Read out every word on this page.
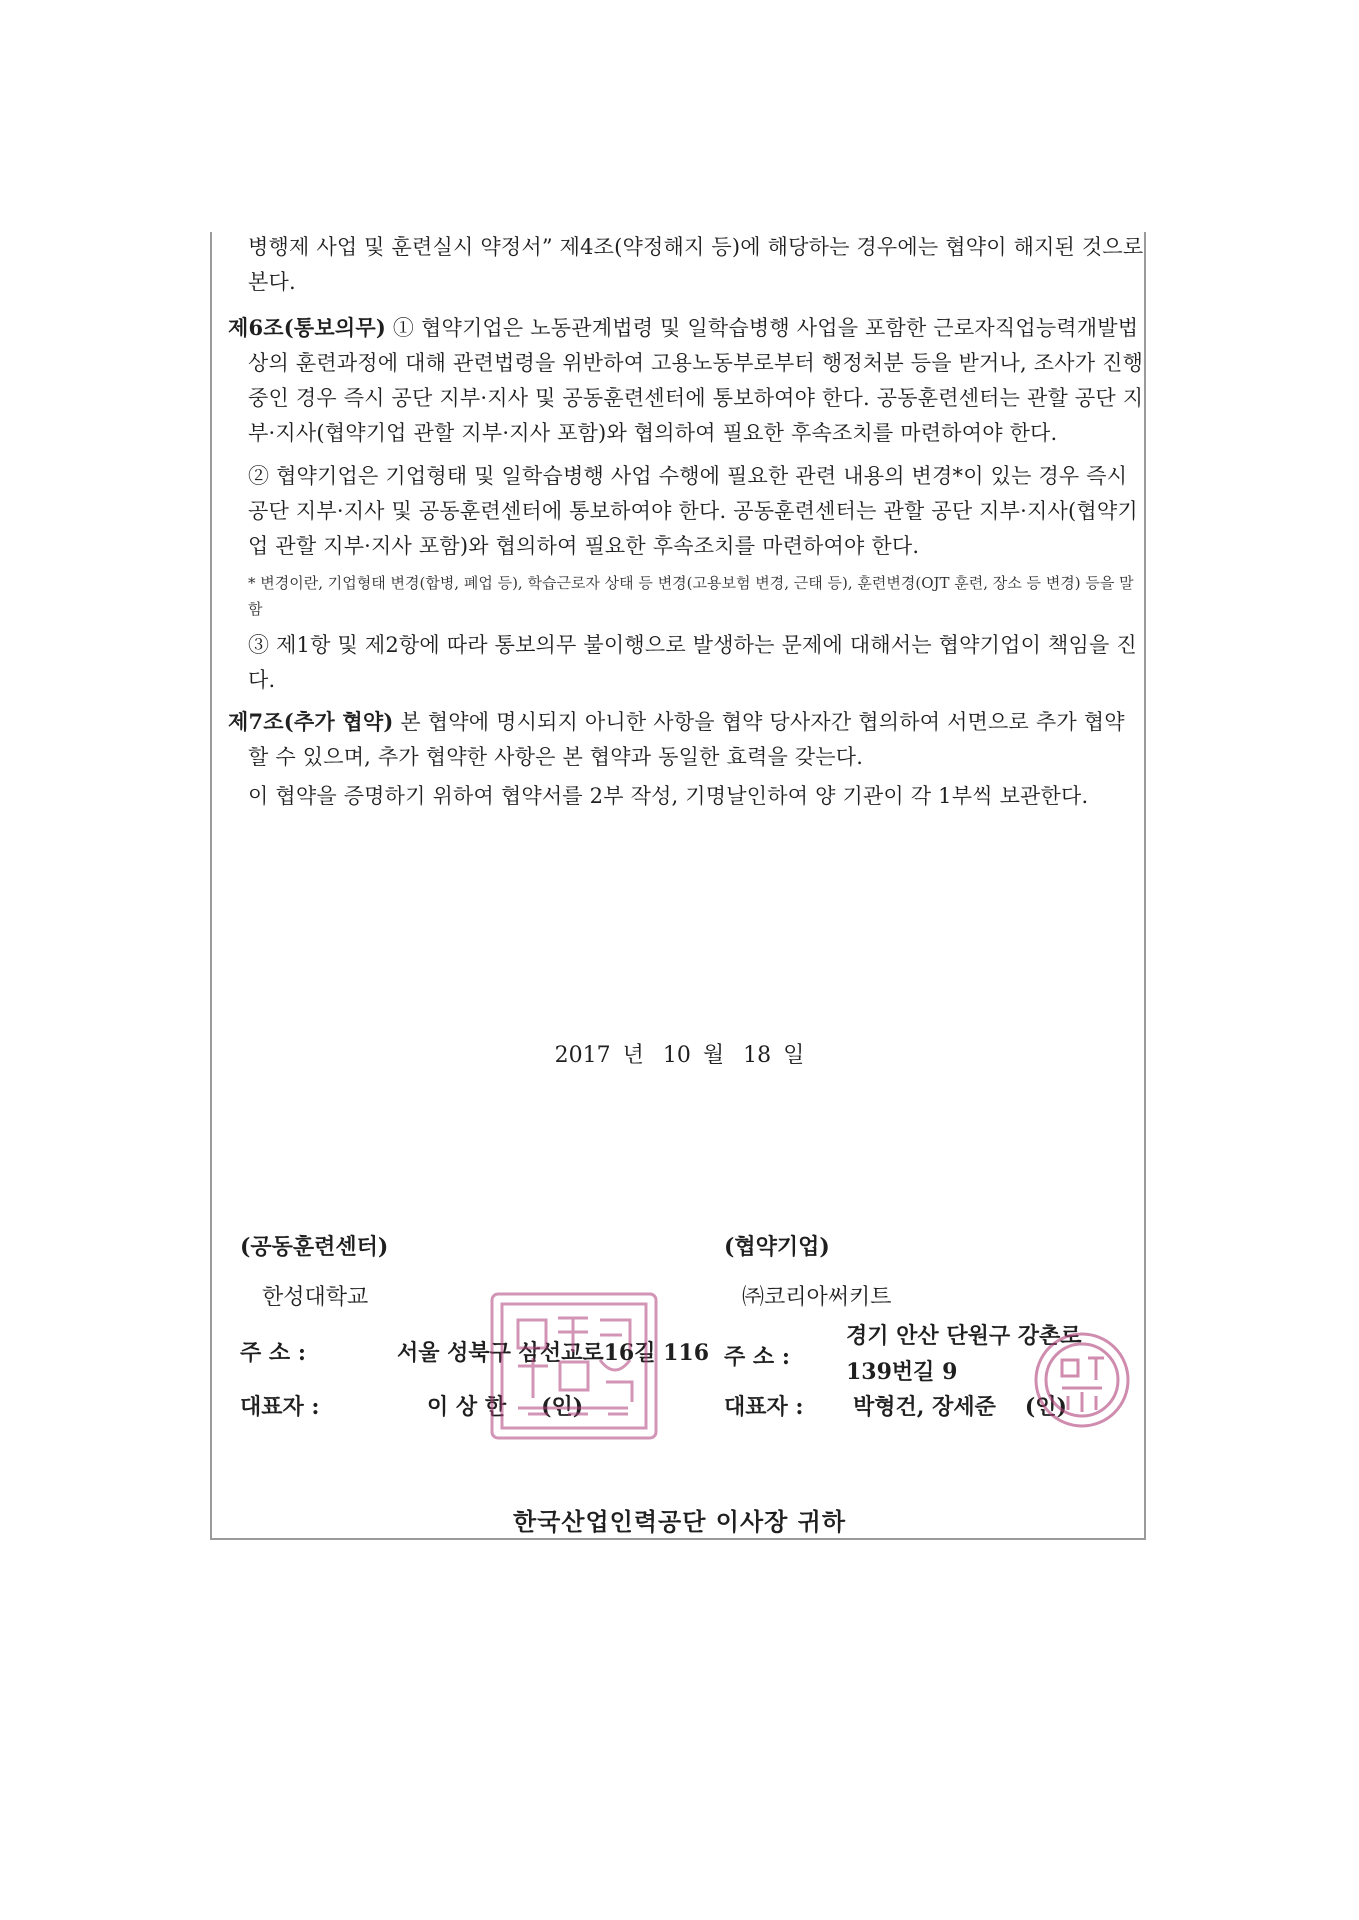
병행제 사업 및 훈련실시 약정서” 제4조(약정해지 등)에 해당하는 경우에는 협약이 해지된 것으로 본다.
제6조(통보의무) ① 협약기업은 노동관계법령 및 일학습병행 사업을 포함한 근로자직업능력개발법 상의 훈련과정에 대해 관련법령을 위반하여 고용노동부로부터 행정처분 등을 받거나, 조사가 진행 중인 경우 즉시 공단 지부·지사 및 공동훈련센터에 통보하여야 한다. 공동훈련센터는 관할 공단 지부·지사(협약기업 관할 지부·지사 포함)와 협의하여 필요한 후속조치를 마련하여야 한다.
② 협약기업은 기업형태 및 일학습병행 사업 수행에 필요한 관련 내용의 변경*이 있는 경우 즉시 공단 지부·지사 및 공동훈련센터에 통보하여야 한다. 공동훈련센터는 관할 공단 지부·지사(협약기업 관할 지부·지사 포함)와 협의하여 필요한 후속조치를 마련하여야 한다.
* 변경이란, 기업형태 변경(합병, 폐업 등), 학습근로자 상태 등 변경(고용보험 변경, 근태 등), 훈련변경(OJT 훈련, 장소 등 변경) 등을 말함
③ 제1항 및 제2항에 따라 통보의무 불이행으로 발생하는 문제에 대해서는 협약기업이 책임을 진다.
제7조(추가 협약) 본 협약에 명시되지 아니한 사항을 협약 당사자간 협의하여 서면으로 추가 협약할 수 있으며, 추가 협약한 사항은 본 협약과 동일한 효력을 갖는다.
이 협약을 증명하기 위하여 협약서를 2부 작성, 기명날인하여 양 기관이 각 1부씩 보관한다.
2017 년 10 월 18 일
(공동훈련센터)
한성대학교
주 소 :	서울 성북구 삼선교로16길 116
대표자 :	이 상 한 (인)
(협약기업)
㈜코리아써키트
주 소 :
경기 안산 단원구 강촌로
139번길 9
대표자 : 박형건, 장세준 (인)
한국산업인력공단 이사장 귀하
